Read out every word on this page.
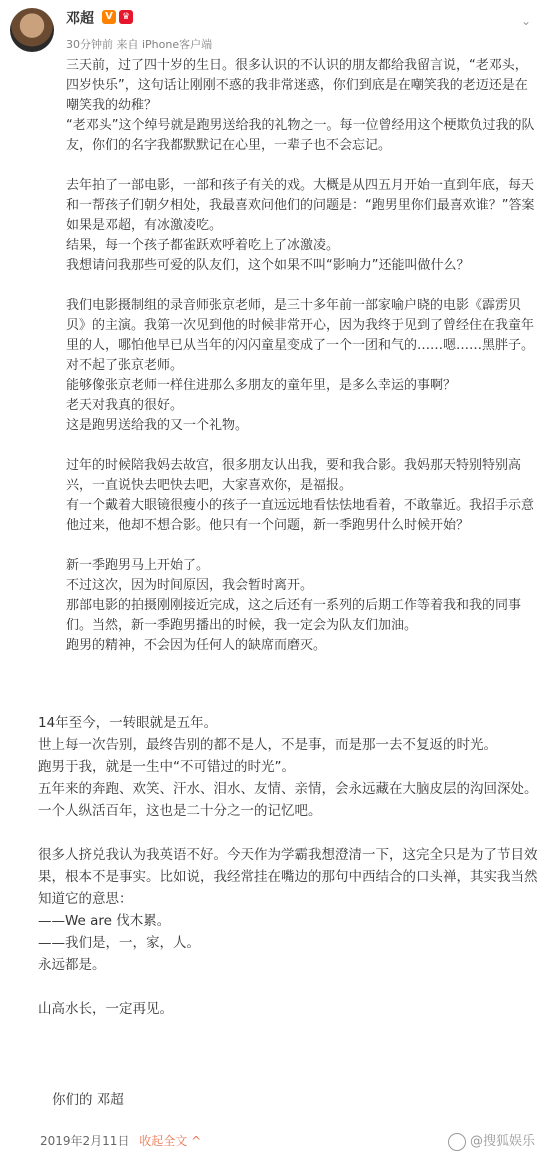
邓超	V	♛
30分钟前 来自 iPhone客户端
⌄

三天前，过了四十岁的生日。很多认识的不认识的朋友都给我留言说，“老邓头，四岁快乐”，这句话让刚刚不惑的我非常迷惑，你们到底是在嘲笑我的老迈还是在嘲笑我的幼稚？

“老邓头”这个绰号就是跑男送给我的礼物之一。每一位曾经用这个梗欺负过我的队友，你们的名字我都默默记在心里，一辈子也不会忘记。

去年拍了一部电影，一部和孩子有关的戏。大概是从四五月开始一直到年底，每天和一帮孩子们朝夕相处，我最喜欢问他们的问题是：“跑男里你们最喜欢谁？”答案如果是邓超，有冰激凌吃。

结果，每一个孩子都雀跃欢呼着吃上了冰激凌。

我想请问我那些可爱的队友们，这个如果不叫“影响力”还能叫做什么？

我们电影摄制组的录音师张京老师，是三十多年前一部家喻户晓的电影《霹雳贝贝》的主演。我第一次见到他的时候非常开心，因为我终于见到了曾经住在我童年里的人，哪怕他早已从当年的闪闪童星变成了一个一团和气的……嗯……黑胖子。对不起了张京老师。

能够像张京老师一样住进那么多朋友的童年里，是多么幸运的事啊？

老天对我真的很好。

这是跑男送给我的又一个礼物。

过年的时候陪我妈去故宫，很多朋友认出我，要和我合影。我妈那天特别特别高兴，一直说快去吧快去吧，大家喜欢你，是福报。

有一个戴着大眼镜很瘦小的孩子一直远远地看怯怯地看着，不敢靠近。我招手示意他过来，他却不想合影。他只有一个问题，新一季跑男什么时候开始？

新一季跑男马上开始了。

不过这次，因为时间原因，我会暂时离开。

那部电影的拍摄刚刚接近完成，这之后还有一系列的后期工作等着我和我的同事们。当然，新一季跑男播出的时候，我一定会为队友们加油。

跑男的精神，不会因为任何人的缺席而磨灭。

14年至今，一转眼就是五年。

世上每一次告别，最终告别的都不是人，不是事，而是那一去不复返的时光。

跑男于我，就是一生中“不可错过的时光”。

五年来的奔跑、欢笑、汗水、泪水、友情、亲情，会永远藏在大脑皮层的沟回深处。一个人纵活百年，这也是二十分之一的记忆吧。

很多人挤兑我认为我英语不好。今天作为学霸我想澄清一下，这完全只是为了节目效果，根本不是事实。比如说，我经常挂在嘴边的那句中西结合的口头禅，其实我当然知道它的意思：

——We are 伐木累。

——我们是，一，家，人。

永远都是。

山高水长，一定再见。

你们的 邓超
2019年2月11日 收起全文 ^	@搜狐娱乐
